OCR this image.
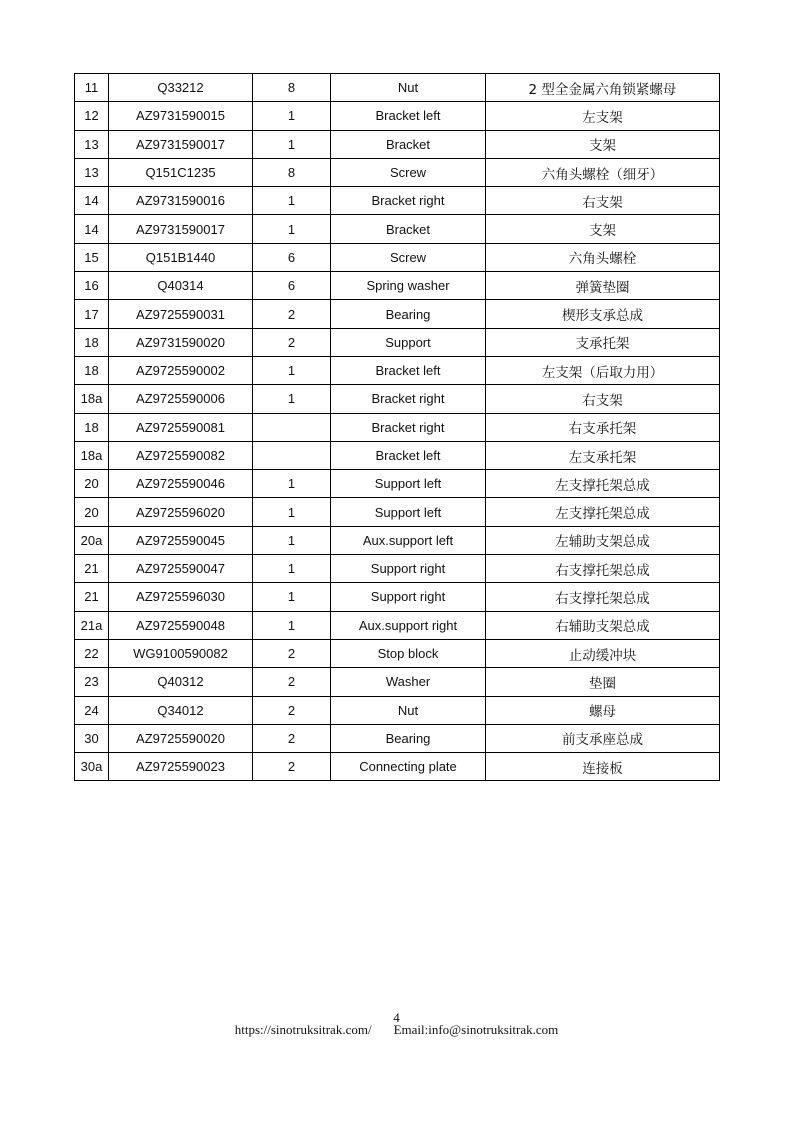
11	Q33212	8	Nut	2 型全金属六角锁紧螺母
12	AZ9731590015	1	Bracket left	左支架
13	AZ9731590017	1	Bracket	支架
13	Q151C1235	8	Screw	六角头螺栓（细牙）
14	AZ9731590016	1	Bracket right	右支架
14	AZ9731590017	1	Bracket	支架
15	Q151B1440	6	Screw	六角头螺栓
16	Q40314	6	Spring washer	弹簧垫圈
17	AZ9725590031	2	Bearing	楔形支承总成
18	AZ9731590020	2	Support	支承托架
18	AZ9725590002	1	Bracket left	左支架（后取力用）
18a	AZ9725590006	1	Bracket right	右支架
18	AZ9725590081		Bracket right	右支承托架
18a	AZ9725590082		Bracket left	左支承托架
20	AZ9725590046	1	Support left	左支撑托架总成
20	AZ9725596020	1	Support left	左支撑托架总成
20a	AZ9725590045	1	Aux.support left	左辅助支架总成
21	AZ9725590047	1	Support right	右支撑托架总成
21	AZ9725596030	1	Support right	右支撑托架总成
21a	AZ9725590048	1	Aux.support right	右辅助支架总成
22	WG9100590082	2	Stop block	止动缓冲块
23	Q40312	2	Washer	垫圈
24	Q34012	2	Nut	螺母
30	AZ9725590020	2	Bearing	前支承座总成
30a	AZ9725590023	2	Connecting plate	连接板
4
https://sinotruksitrak.com/ Email:info@sinotruksitrak.com
